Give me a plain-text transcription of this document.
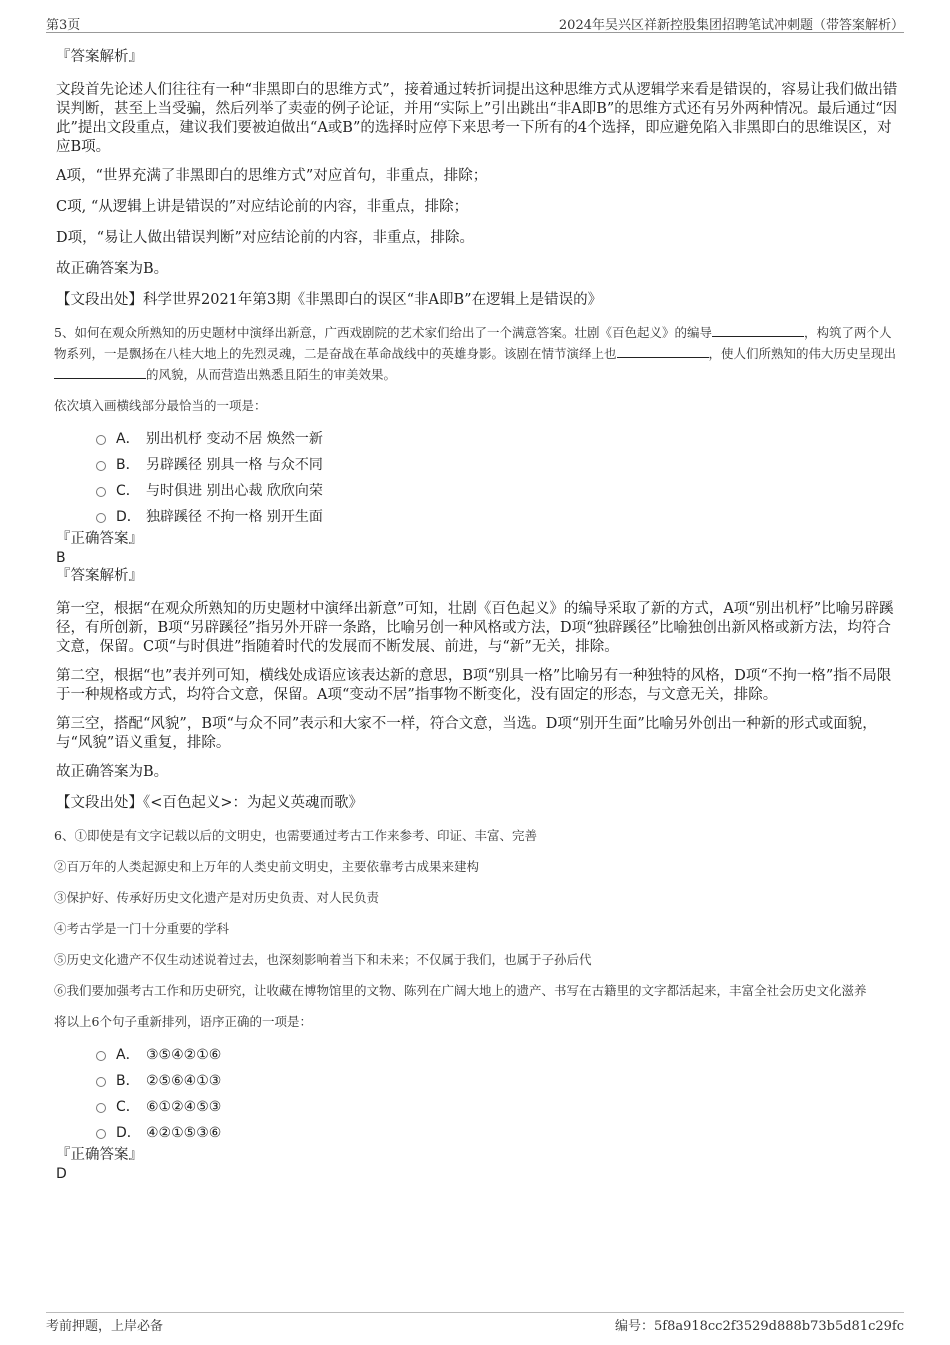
第3页	2024年吴兴区祥新控股集团招聘笔试冲刺题（带答案解析）

『答案解析』

文段首先论述人们往往有一种“非黑即白的思维方式”，接着通过转折词提出这种思维方式从逻辑学来看是错误的，容易让我们做出错误判断，甚至上当受骗，然后列举了卖壶的例子论证，并用“实际上”引出跳出“非A即B”的思维方式还有另外两种情况。最后通过“因此”提出文段重点，建议我们要被迫做出“A或B”的选择时应停下来思考一下所有的4个选择，即应避免陷入非黑即白的思维误区，对应B项。

A项，“世界充满了非黑即白的思维方式”对应首句，非重点，排除；

C项, “从逻辑上讲是错误的”对应结论前的内容，非重点，排除；

D项，“易让人做出错误判断”对应结论前的内容，非重点，排除。

故正确答案为B。

【文段出处】科学世界2021年第3期《非黑即白的误区“非A即B”在逻辑上是错误的》

5、如何在观众所熟知的历史题材中演绎出新意，广西戏剧院的艺术家们给出了一个满意答案。壮剧《百色起义》的编导	，构筑了两个人物系列，一是飘扬在八桂大地上的先烈灵魂，二是奋战在革命战线中的英雄身影。该剧在情节演绎上也	，使人们所熟知的伟大历史呈现出的风貌，从而营造出熟悉且陌生的审美效果。

依次填入画横线部分最恰当的一项是：

A． 别出机杼 变动不居 焕然一新
B． 另辟蹊径 别具一格 与众不同
C． 与时俱进 别出心裁 欣欣向荣
D． 独辟蹊径 不拘一格 别开生面

『正确答案』

B

『答案解析』

第一空，根据“在观众所熟知的历史题材中演绎出新意”可知，壮剧《百色起义》的编导采取了新的方式，A项“别出机杼”比喻另辟蹊径，有所创新，B项“另辟蹊径”指另外开辟一条路，比喻另创一种风格或方法，D项“独辟蹊径”比喻独创出新风格或新方法，均符合文意，保留。C项“与时俱进”指随着时代的发展而不断发展、前进，与“新”无关，排除。

第二空，根据“也”表并列可知，横线处成语应该表达新的意思，B项“别具一格”比喻另有一种独特的风格，D项“不拘一格”指不局限于一种规格或方式，均符合文意，保留。A项“变动不居”指事物不断变化，没有固定的形态，与文意无关，排除。

第三空，搭配“风貌”，B项“与众不同”表示和大家不一样，符合文意，当选。D项“别开生面”比喻另外创出一种新的形式或面貌，与“风貌”语义重复，排除。

故正确答案为B。

【文段出处】《<百色起义>：为起义英魂而歌》

6、①即使是有文字记载以后的文明史，也需要通过考古工作来参考、印证、丰富、完善

②百万年的人类起源史和上万年的人类史前文明史，主要依靠考古成果来建构

③保护好、传承好历史文化遗产是对历史负责、对人民负责

④考古学是一门十分重要的学科

⑤历史文化遗产不仅生动述说着过去，也深刻影响着当下和未来；不仅属于我们，也属于子孙后代

⑥我们要加强考古工作和历史研究，让收藏在博物馆里的文物、陈列在广阔大地上的遗产、书写在古籍里的文字都活起来，丰富全社会历史文化滋养

将以上6个句子重新排列，语序正确的一项是：

A． ③⑤④②①⑥
B． ②⑤⑥④①③
C． ⑥①②④⑤③
D． ④②①⑤③⑥

『正确答案』

D

考前押题，上岸必备	编号：5f8a918cc2f3529d888b73b5d81c29fc
